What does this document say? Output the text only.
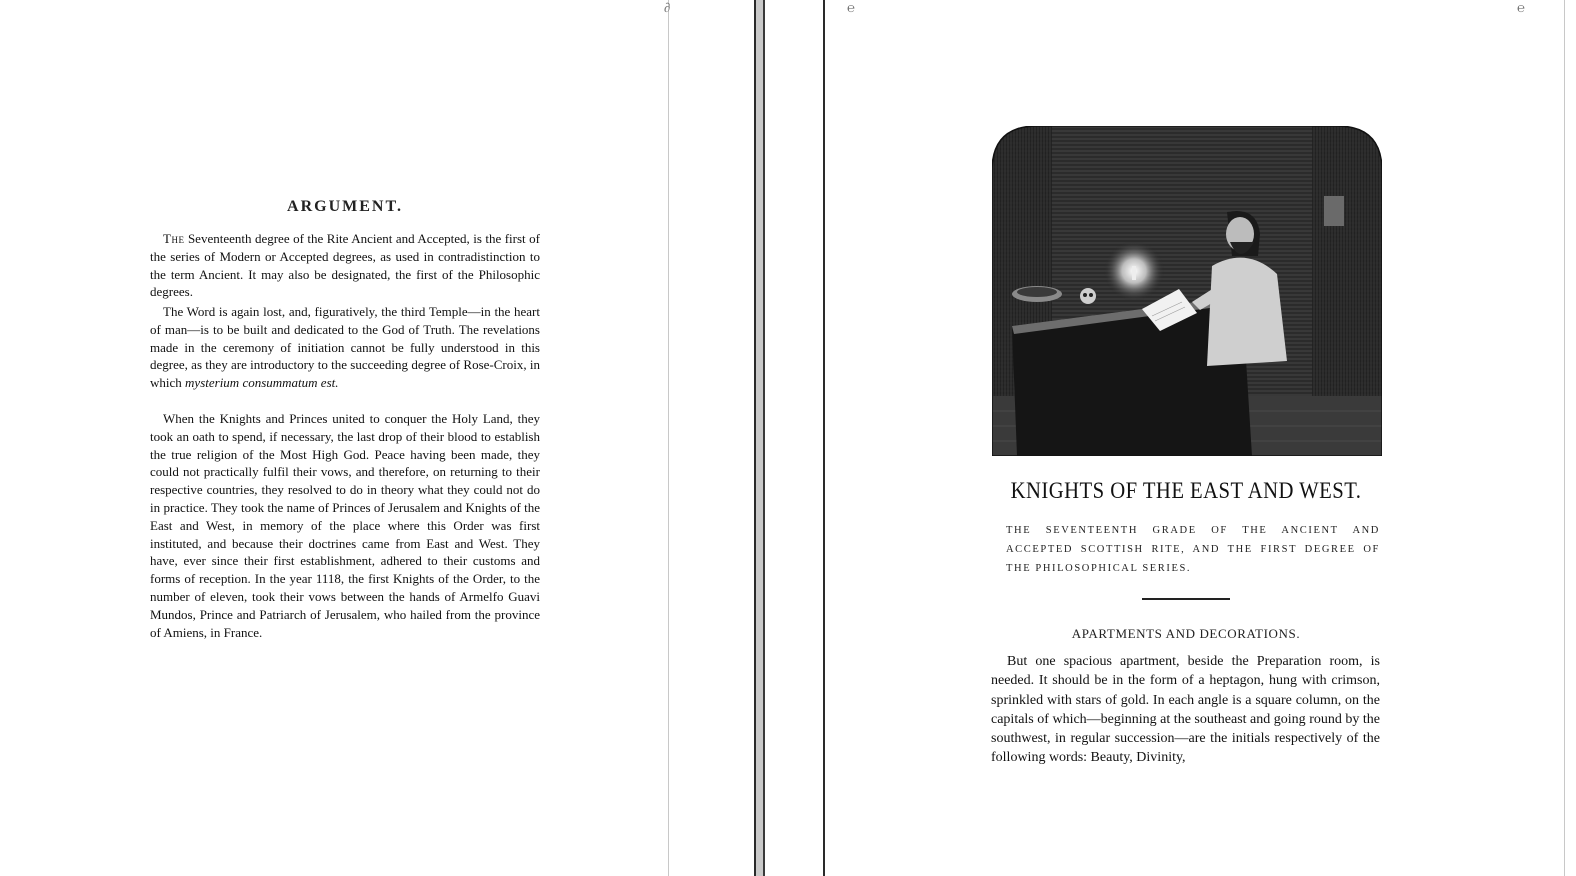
ARGUMENT.

The Seventeenth degree of the Rite Ancient and Accepted, is the first of the series of Modern or Accepted degrees, as used in contradistinction to the term Ancient. It may also be designated, the first of the Philosophic degrees.

The Word is again lost, and, figuratively, the third Temple—in the heart of man—is to be built and dedicated to the God of Truth. The revelations made in the ceremony of initiation cannot be fully understood in this degree, as they are introductory to the succeeding degree of Rose-Croix, in which mysterium consummatum est.

When the Knights and Princes united to conquer the Holy Land, they took an oath to spend, if necessary, the last drop of their blood to establish the true religion of the Most High God. Peace having been made, they could not practically fulfil their vows, and therefore, on returning to their respective countries, they resolved to do in theory what they could not do in practice. They took the name of Princes of Jerusalem and Knights of the East and West, in memory of the place where this Order was first instituted, and because their doctrines came from East and West. They have, ever since their first establishment, adhered to their customs and forms of reception. In the year 1118, the first Knights of the Order, to the number of eleven, took their vows between the hands of Armelfo Guavi Mundos, Prince and Patriarch of Jerusalem, who hailed from the province of Amiens, in France.

∂	℮
KNIGHTS OF THE EAST AND WEST.

THE SEVENTEENTH GRADE OF THE ANCIENT AND ACCEPTED SCOTTISH RITE, AND THE FIRST DEGREE OF THE PHILOSOPHICAL SERIES.

APARTMENTS AND DECORATIONS.

But one spacious apartment, beside the Preparation room, is needed. It should be in the form of a heptagon, hung with crimson, sprinkled with stars of gold. In each angle is a square column, on the capitals of which—beginning at the southeast and going round by the southwest, in regular succession—are the initials respectively of the following words: Beauty, Divinity,

℮
